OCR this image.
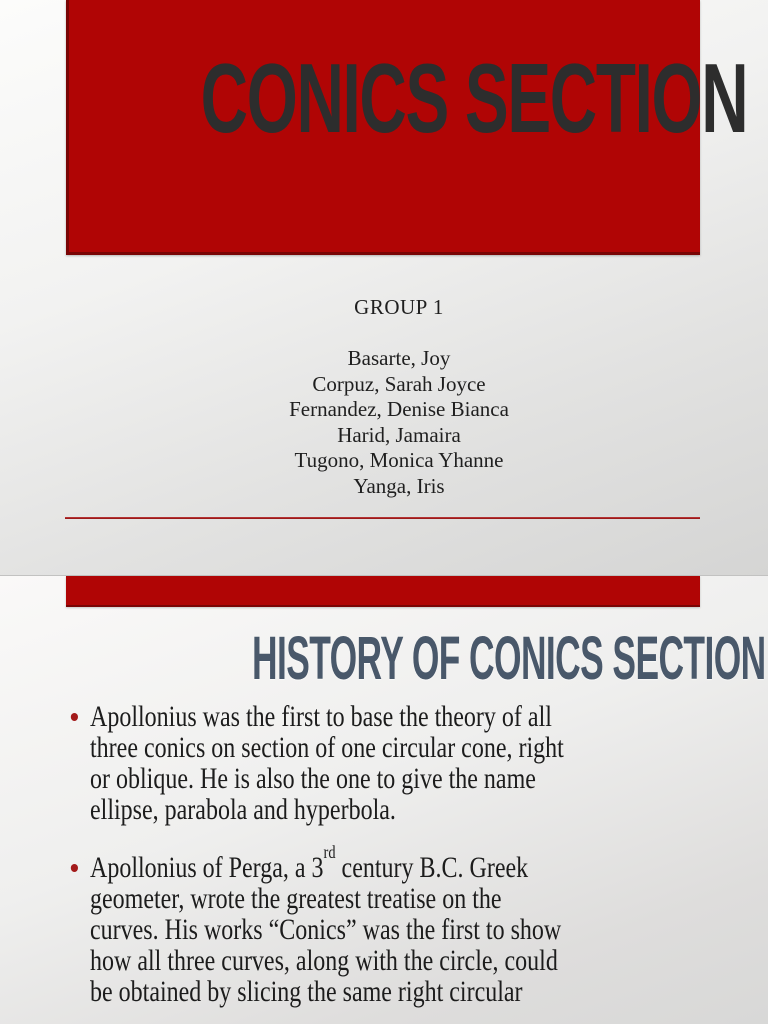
CONICS SECTION
GROUP 1
Basarte, Joy
Corpuz, Sarah Joyce
Fernandez, Denise Bianca
Harid, Jamaira
Tugono, Monica Yhanne
Yanga, Iris
HISTORY OF CONICS SECTION
Apollonius was the first to base the theory of all
three conics on section of one circular cone, right
or oblique. He is also the one to give the name
ellipse, parabola and hyperbola.
Apollonius of Perga, a 3rd century B.C. Greek
geometer, wrote the greatest treatise on the
curves. His works “Conics” was the first to show
how all three curves, along with the circle, could
be obtained by slicing the same right circular
